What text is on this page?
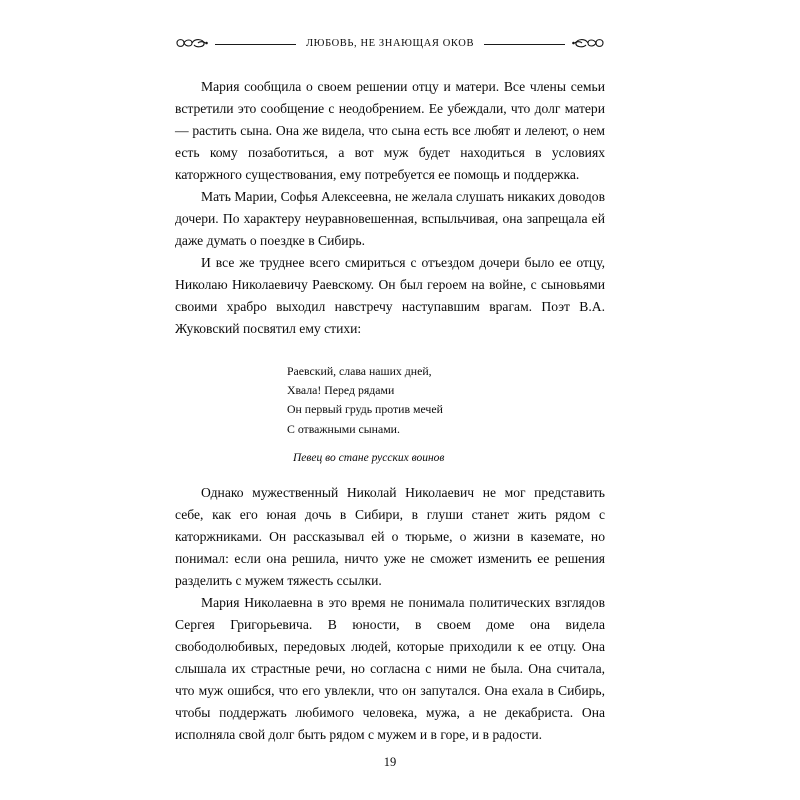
ЛЮБОВЬ, НЕ ЗНАЮЩАЯ ОКОВ

Мария сообщила о своем решении отцу и матери. Все члены семьи встретили это сообщение с неодобрением. Ее убеждали, что долг матери — растить сына. Она же видела, что сына есть все любят и лелеют, о нем есть кому позаботиться, а вот муж будет находиться в условиях каторжного существования, ему потребуется ее помощь и поддержка.

Мать Марии, Софья Алексеевна, не желала слушать никаких доводов дочери. По характеру неуравновешенная, вспыльчивая, она запрещала ей даже думать о поездке в Сибирь.

И все же труднее всего смириться с отъездом дочери было ее отцу, Николаю Николаевичу Раевскому. Он был героем на войне, с сыновьями своими храбро выходил навстречу наступавшим врагам. Поэт В.А. Жуковский посвятил ему стихи:

Раевский, слава наших дней,
Хвала! Перед рядами
Он первый грудь против мечей
С отважными сынами.
Певец во стане русских воинов

Однако мужественный Николай Николаевич не мог представить себе, как его юная дочь в Сибири, в глуши станет жить рядом с каторжниками. Он рассказывал ей о тюрьме, о жизни в каземате, но понимал: если она решила, ничто уже не сможет изменить ее решения разделить с мужем тяжесть ссылки.

Мария Николаевна в это время не понимала политических взглядов Сергея Григорьевича. В юности, в своем доме она видела свободолюбивых, передовых людей, которые приходили к ее отцу. Она слышала их страстные речи, но согласна с ними не была. Она считала, что муж ошибся, что его увлекли, что он запутался. Она ехала в Сибирь, чтобы поддержать любимого человека, мужа, а не декабриста. Она исполняла свой долг быть рядом с мужем и в горе, и в радости.

19
